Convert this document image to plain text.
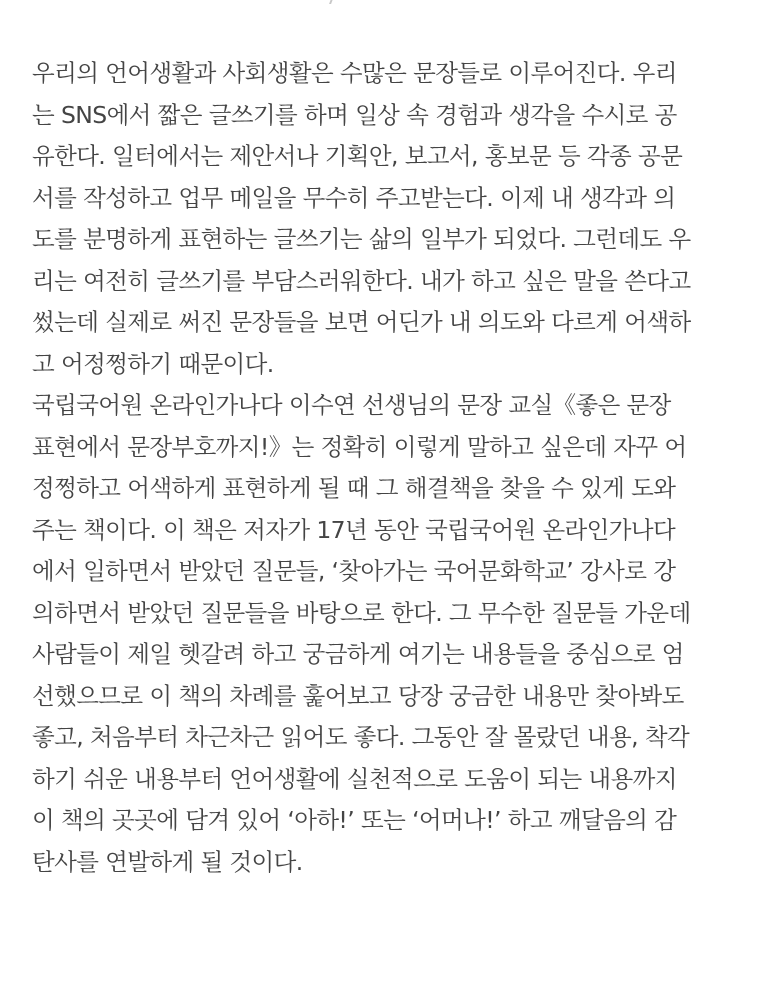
우리의 언어생활과 사회생활은 수많은 문장들로 이루어진다. 우리
는 SNS에서 짧은 글쓰기를 하며 일상 속 경험과 생각을 수시로 공
유한다. 일터에서는 제안서나 기획안, 보고서, 홍보문 등 각종 공문
서를 작성하고 업무 메일을 무수히 주고받는다. 이제 내 생각과 의
도를 분명하게 표현하는 글쓰기는 삶의 일부가 되었다. 그런데도 우
리는 여전히 글쓰기를 부담스러워한다. 내가 하고 싶은 말을 쓴다고
썼는데 실제로 써진 문장들을 보면 어딘가 내 의도와 다르게 어색하
고 어정쩡하기 때문이다.
국립국어원 온라인가나다 이수연 선생님의 문장 교실《좋은 문장
표현에서 문장부호까지!》는 정확히 이렇게 말하고 싶은데 자꾸 어
정쩡하고 어색하게 표현하게 될 때 그 해결책을 찾을 수 있게 도와
주는 책이다. 이 책은 저자가 17년 동안 국립국어원 온라인가나다
에서 일하면서 받았던 질문들, ‘찾아가는 국어문화학교’ 강사로 강
의하면서 받았던 질문들을 바탕으로 한다. 그 무수한 질문들 가운데
사람들이 제일 헷갈려 하고 궁금하게 여기는 내용들을 중심으로 엄
선했으므로 이 책의 차례를 훑어보고 당장 궁금한 내용만 찾아봐도
좋고, 처음부터 차근차근 읽어도 좋다. 그동안 잘 몰랐던 내용, 착각
하기 쉬운 내용부터 언어생활에 실천적으로 도움이 되는 내용까지
이 책의 곳곳에 담겨 있어 ‘아하!’ 또는 ‘어머나!’ 하고 깨달음의 감
탄사를 연발하게 될 것이다.
